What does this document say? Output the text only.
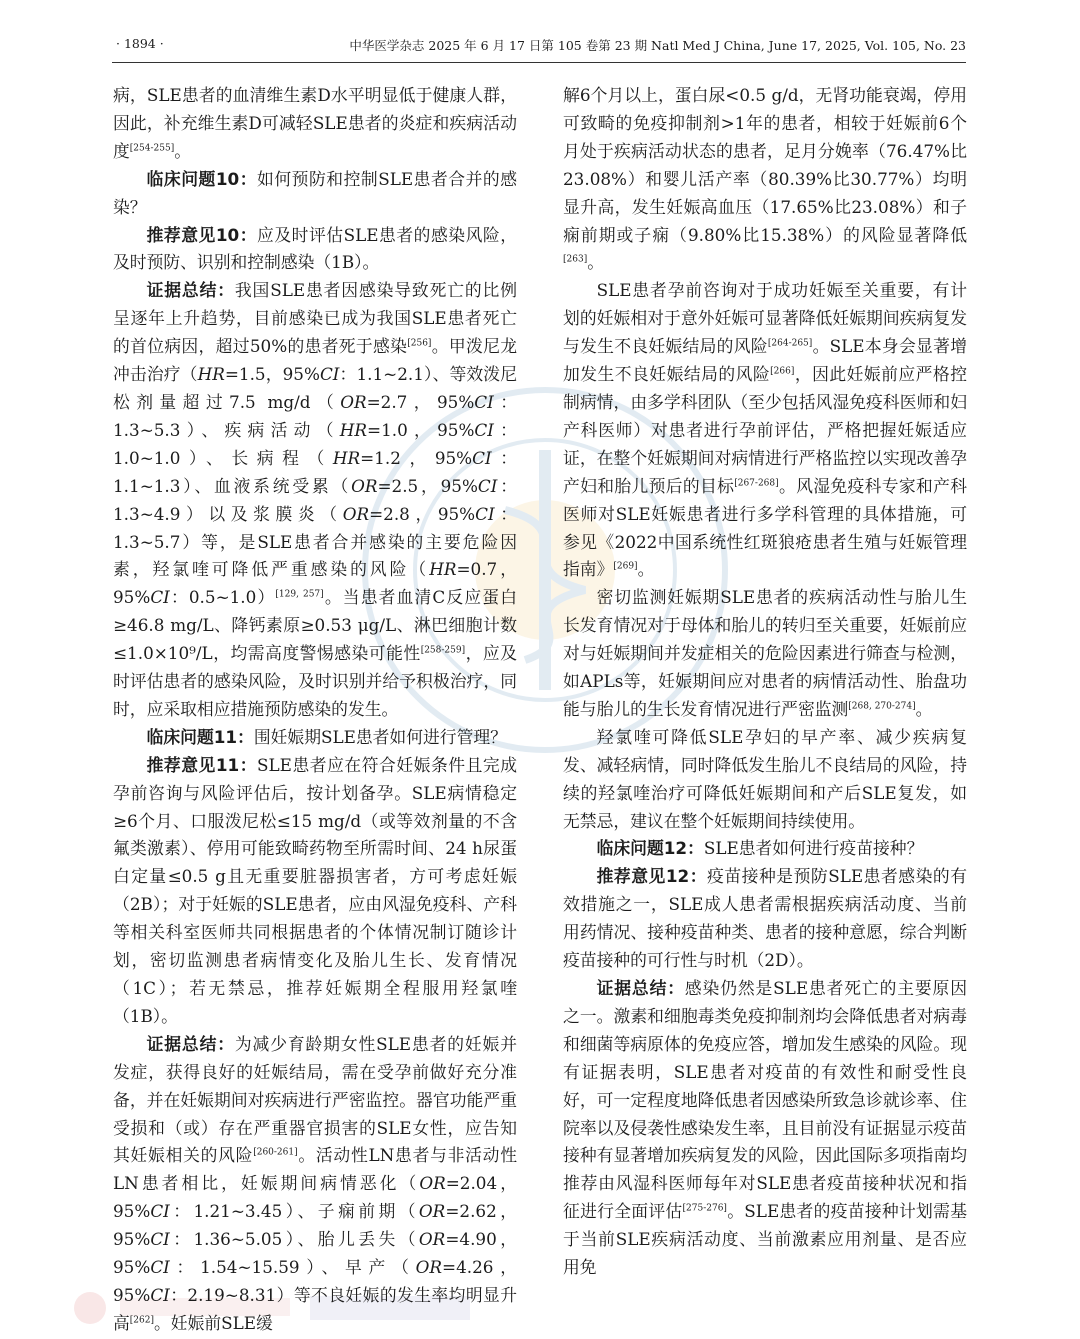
· 1894 ·	中华医学杂志 2025 年 6 月 17 日第 105 卷第 23 期 Natl Med J China, June 17, 2025, Vol. 105, No. 23

病，SLE患者的血清维生素D水平明显低于健康人群，因此，补充维生素D可减轻SLE患者的炎症和疾病活动度[254-255]。

临床问题10：如何预防和控制SLE患者合并的感染？

推荐意见10：应及时评估SLE患者的感染风险，及时预防、识别和控制感染（1B）。

证据总结：我国SLE患者因感染导致死亡的比例呈逐年上升趋势，目前感染已成为我国SLE患者死亡的首位病因，超过50%的患者死于感染[256]。甲泼尼龙冲击治疗（HR=1.5，95%CI：1.1~2.1）、等效泼尼松剂量超过7.5 mg/d（OR=2.7，95%CI：1.3~5.3）、疾病活动（HR=1.0，95%CI：1.0~1.0）、长病程（HR=1.2，95%CI：1.1~1.3）、血液系统受累（OR=2.5，95%CI：1.3~4.9）以及浆膜炎（OR=2.8，95%CI：1.3~5.7）等，是SLE患者合并感染的主要危险因素，羟氯喹可降低严重感染的风险（HR=0.7，95%CI：0.5~1.0）[129, 257]。当患者血清C反应蛋白≥46.8 mg/L、降钙素原≥0.53 μg/L、淋巴细胞计数≤1.0×10⁹/L，均需高度警惕感染可能性[258-259]，应及时评估患者的感染风险，及时识别并给予积极治疗，同时，应采取相应措施预防感染的发生。

临床问题11：围妊娠期SLE患者如何进行管理？

推荐意见11：SLE患者应在符合妊娠条件且完成孕前咨询与风险评估后，按计划备孕。SLE病情稳定≥6个月、口服泼尼松≤15 mg/d（或等效剂量的不含氟类激素）、停用可能致畸药物至所需时间、24 h尿蛋白定量≤0.5 g且无重要脏器损害者，方可考虑妊娠（2B）；对于妊娠的SLE患者，应由风湿免疫科、产科等相关科室医师共同根据患者的个体情况制订随诊计划，密切监测患者病情变化及胎儿生长、发育情况（1C）；若无禁忌，推荐妊娠期全程服用羟氯喹（1B）。

证据总结：为减少育龄期女性SLE患者的妊娠并发症，获得良好的妊娠结局，需在受孕前做好充分准备，并在妊娠期间对疾病进行严密监控。器官功能严重受损和（或）存在严重器官损害的SLE女性，应告知其妊娠相关的风险[260-261]。活动性LN患者与非活动性LN患者相比，妊娠期间病情恶化（OR=2.04，95%CI：1.21~3.45）、子痫前期（OR=2.62，95%CI：1.36~5.05）、胎儿丢失（OR=4.90，95%CI：1.54~15.59）、早产（OR=4.26，95%CI：2.19~8.31）等不良妊娠的发生率均明显升高[262]。妊娠前SLE缓

解6个月以上，蛋白尿<0.5 g/d，无肾功能衰竭，停用可致畸的免疫抑制剂>1年的患者，相较于妊娠前6个月处于疾病活动状态的患者，足月分娩率（76.47%比23.08%）和婴儿活产率（80.39%比30.77%）均明显升高，发生妊娠高血压（17.65%比23.08%）和子痫前期或子痫（9.80%比15.38%）的风险显著降低[263]。

SLE患者孕前咨询对于成功妊娠至关重要，有计划的妊娠相对于意外妊娠可显著降低妊娠期间疾病复发与发生不良妊娠结局的风险[264-265]。SLE本身会显著增加发生不良妊娠结局的风险[266]，因此妊娠前应严格控制病情，由多学科团队（至少包括风湿免疫科医师和妇产科医师）对患者进行孕前评估，严格把握妊娠适应证，在整个妊娠期间对病情进行严格监控以实现改善孕产妇和胎儿预后的目标[267-268]。风湿免疫科专家和产科医师对SLE妊娠患者进行多学科管理的具体措施，可参见《2022中国系统性红斑狼疮患者生殖与妊娠管理指南》[269]。

密切监测妊娠期SLE患者的疾病活动性与胎儿生长发育情况对于母体和胎儿的转归至关重要，妊娠前应对与妊娠期间并发症相关的危险因素进行筛查与检测，如APLs等，妊娠期间应对患者的病情活动性、胎盘功能与胎儿的生长发育情况进行严密监测[268, 270-274]。

羟氯喹可降低SLE孕妇的早产率、减少疾病复发、减轻病情，同时降低发生胎儿不良结局的风险，持续的羟氯喹治疗可降低妊娠期间和产后SLE复发，如无禁忌，建议在整个妊娠期间持续使用。

临床问题12：SLE患者如何进行疫苗接种？

推荐意见12：疫苗接种是预防SLE患者感染的有效措施之一，SLE成人患者需根据疾病活动度、当前用药情况、接种疫苗种类、患者的接种意愿，综合判断疫苗接种的可行性与时机（2D）。

证据总结：感染仍然是SLE患者死亡的主要原因之一。激素和细胞毒类免疫抑制剂均会降低患者对病毒和细菌等病原体的免疫应答，增加发生感染的风险。现有证据表明，SLE患者对疫苗的有效性和耐受性良好，可一定程度地降低患者因感染所致急诊就诊率、住院率以及侵袭性感染发生率，且目前没有证据显示疫苗接种有显著增加疾病复发的风险，因此国际多项指南均推荐由风湿科医师每年对SLE患者疫苗接种状况和指征进行全面评估[275-276]。SLE患者的疫苗接种计划需基于当前SLE疾病活动度、当前激素应用剂量、是否应用免
